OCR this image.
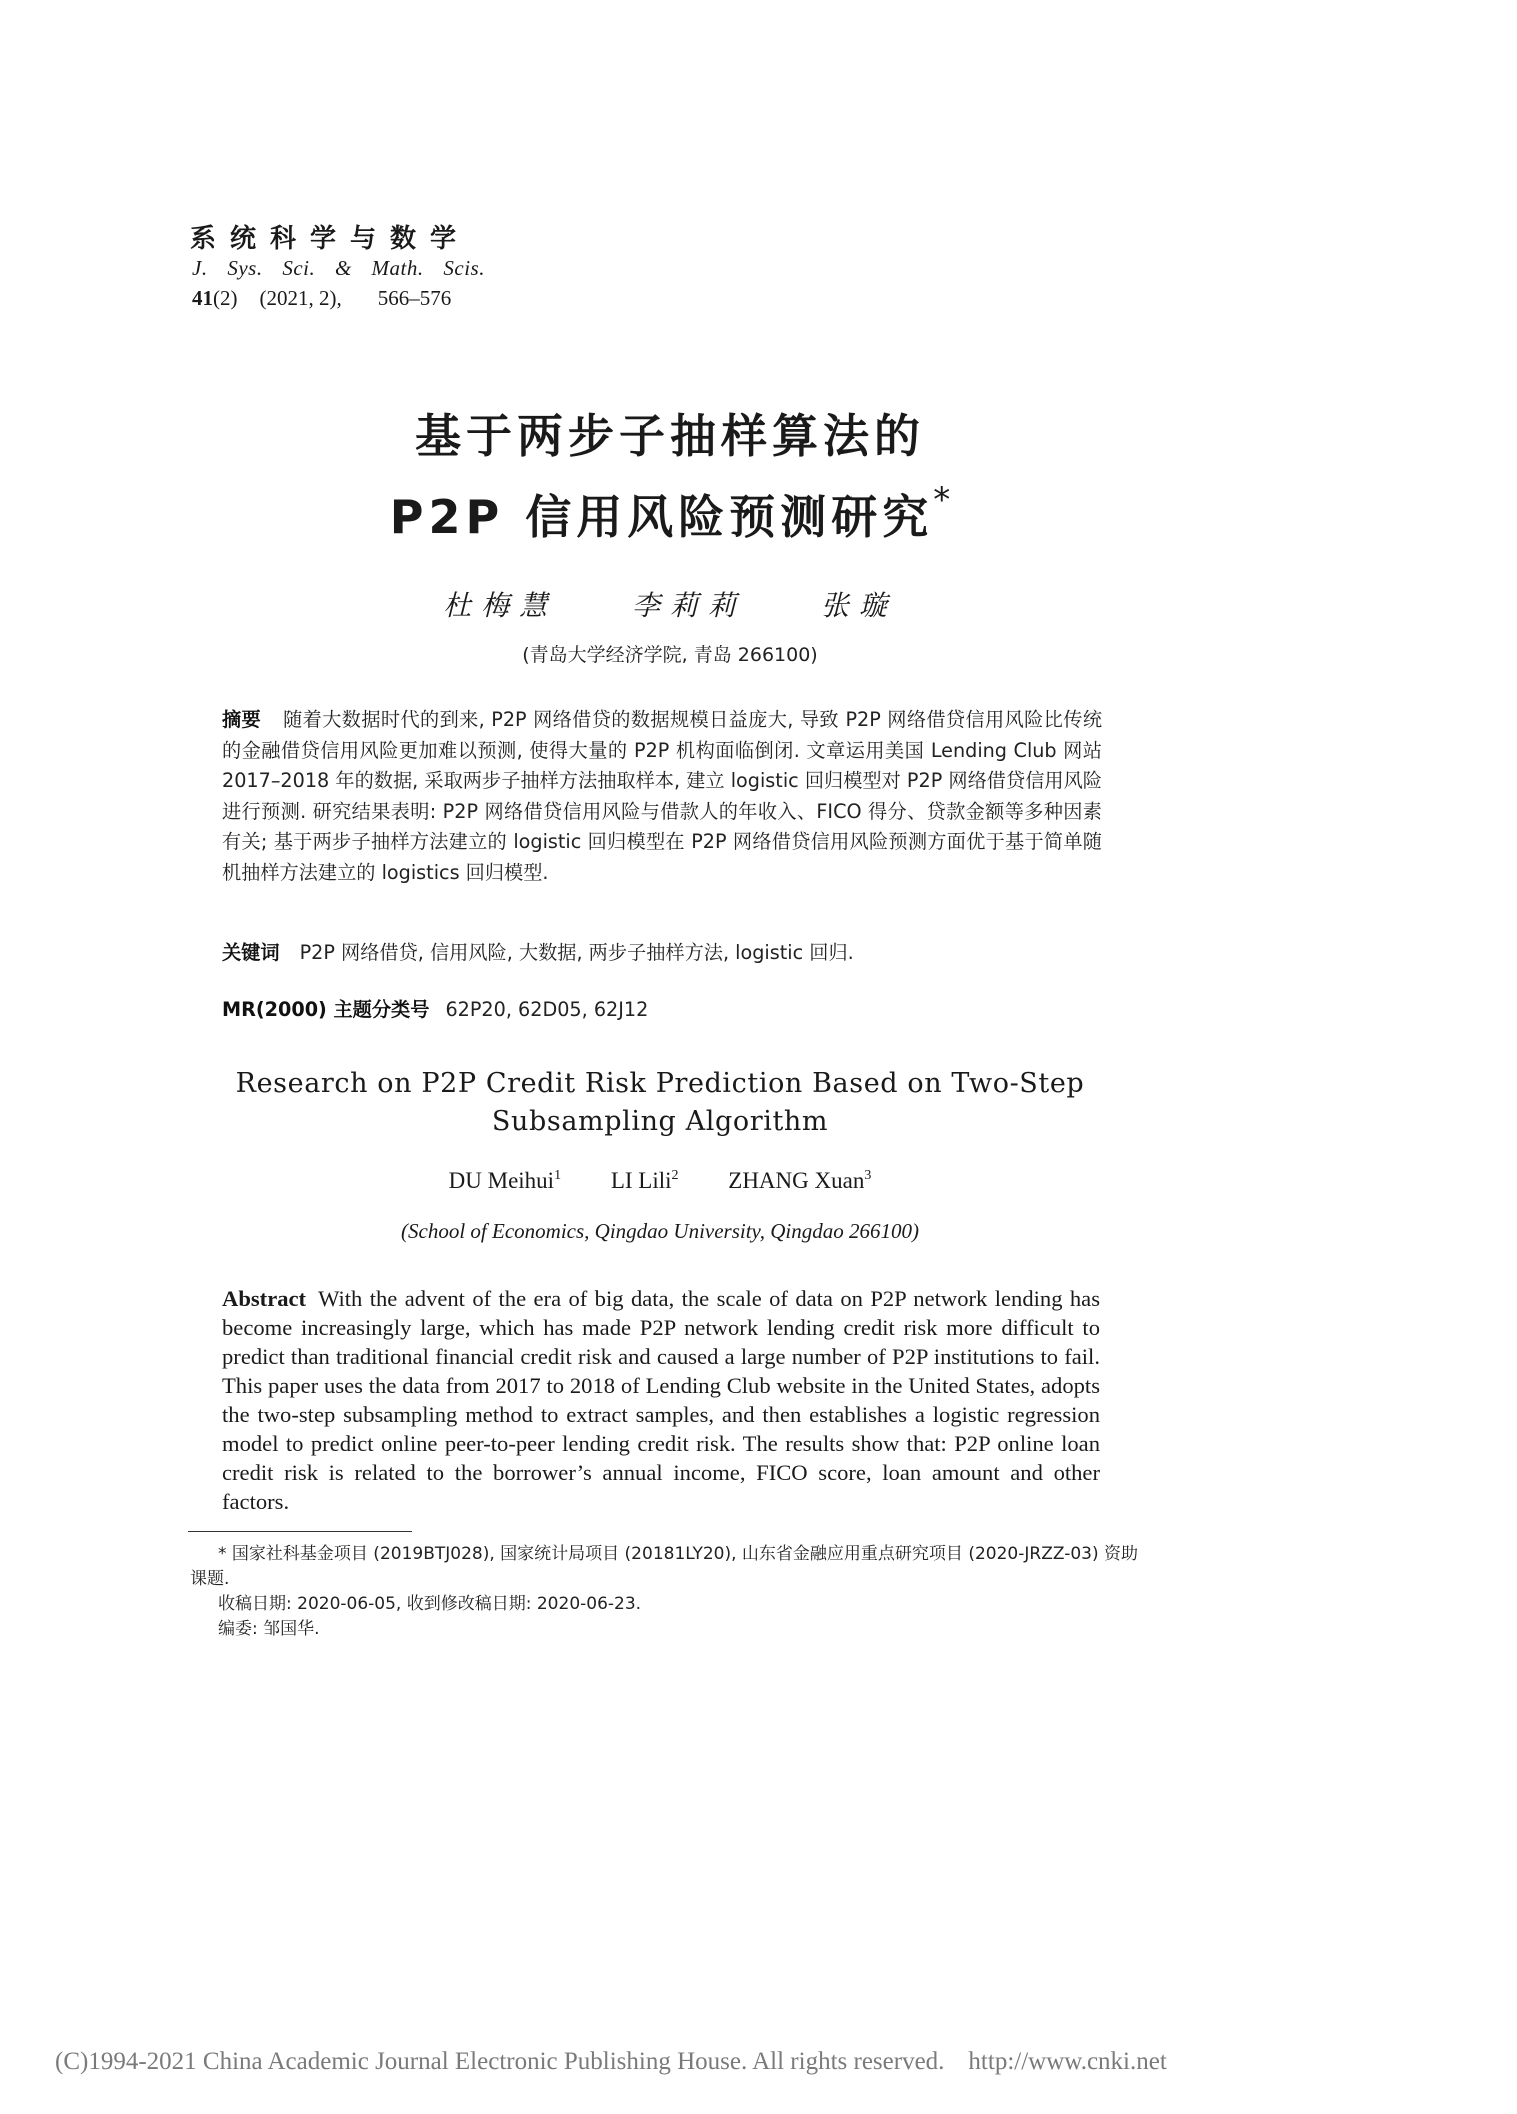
系统科学与数学
J. Sys. Sci. & Math. Scis.
41(2) (2021, 2), 566–576
基于两步子抽样算法的
P2P 信用风险预测研究*
杜梅慧	李莉莉	张璇
(青岛大学经济学院, 青岛 266100)
摘要 随着大数据时代的到来, P2P 网络借贷的数据规模日益庞大, 导致 P2P 网络借贷信用风险比传统的金融借贷信用风险更加难以预测, 使得大量的 P2P 机构面临倒闭. 文章运用美国 Lending Club 网站 2017–2018 年的数据, 采取两步子抽样方法抽取样本, 建立 logistic 回归模型对 P2P 网络借贷信用风险进行预测. 研究结果表明: P2P 网络借贷信用风险与借款人的年收入、FICO 得分、贷款金额等多种因素有关; 基于两步子抽样方法建立的 logistic 回归模型在 P2P 网络借贷信用风险预测方面优于基于简单随机抽样方法建立的 logistics 回归模型.
关键词 P2P 网络借贷, 信用风险, 大数据, 两步子抽样方法, logistic 回归.
MR(2000) 主题分类号 62P20, 62D05, 62J12
Research on P2P Credit Risk Prediction Based on Two-Step
Subsampling Algorithm
DU Meihui$^1$ LI Lili$^2$ ZHANG Xuan$^3$
(School of Economics, Qingdao University, Qingdao 266100)
Abstract With the advent of the era of big data, the scale of data on P2P network lending has become increasingly large, which has made P2P network lending credit risk more difficult to predict than traditional financial credit risk and caused a large number of P2P institutions to fail. This paper uses the data from 2017 to 2018 of Lending Club website in the United States, adopts the two-step subsampling method to extract samples, and then establishes a logistic regression model to predict online peer-to-peer lending credit risk. The results show that: P2P online loan credit risk is related to the borrower’s annual income, FICO score, loan amount and other factors.
* 国家社科基金项目 (2019BTJ028), 国家统计局项目 (20181LY20), 山东省金融应用重点研究项目 (2020-JRZZ-03) 资助课题.
收稿日期: 2020-06-05, 收到修改稿日期: 2020-06-23.
编委: 邹国华.
(C)1994-2021 China Academic Journal Electronic Publishing House. All rights reserved. http://www.cnki.net
